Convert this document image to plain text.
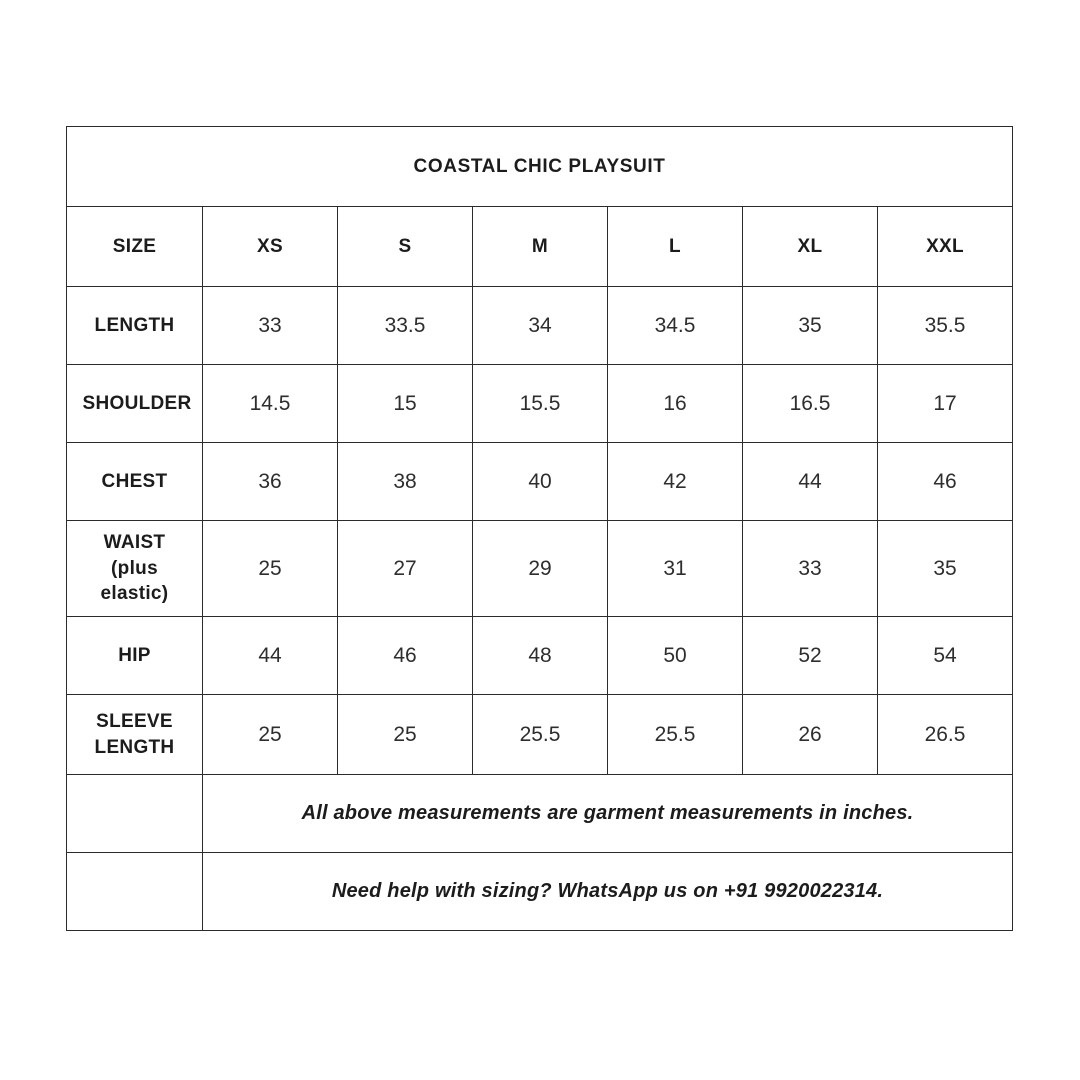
COASTAL CHIC PLAYSUIT						
SIZE	XS	S	M	L	XL	XXL
LENGTH	33	33.5	34	34.5	35	35.5
SHOULDER	14.5	15	15.5	16	16.5	17
CHEST	36	38	40	42	44	46
WAIST (plus elastic)	25	27	29	31	33	35
HIP	44	46	48	50	52	54
SLEEVE LENGTH	25	25	25.5	25.5	26	26.5
	All above measurements are garment measurements in inches.					
	Need help with sizing? WhatsApp us on +91 9920022314.					
